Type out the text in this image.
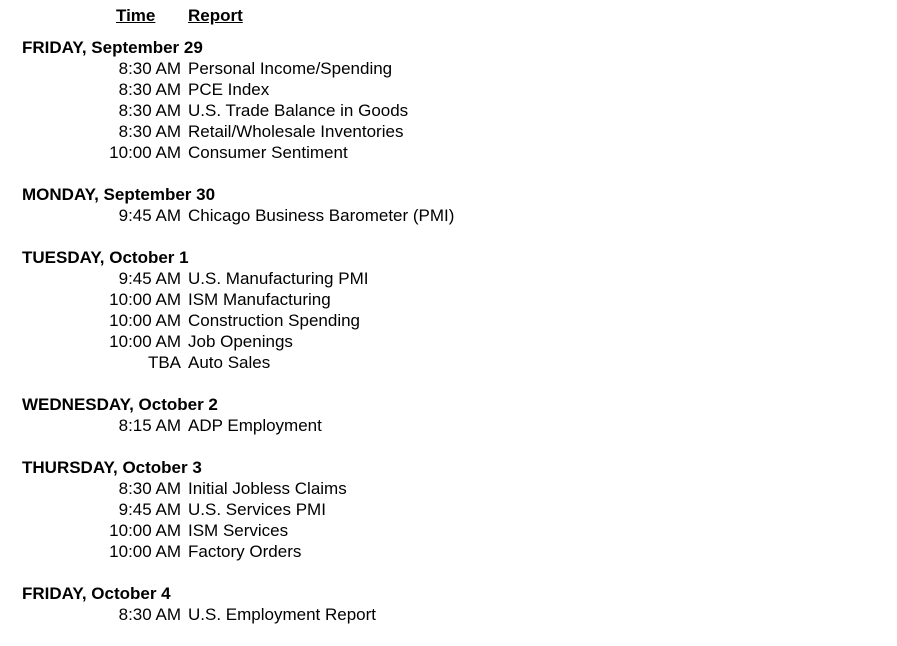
Time	Report
FRIDAY, September 29
8:30 AM Personal Income/Spending
8:30 AM PCE Index
8:30 AM U.S. Trade Balance in Goods
8:30 AM Retail/Wholesale Inventories
10:00 AM Consumer Sentiment
MONDAY, September 30
9:45 AM Chicago Business Barometer (PMI)
TUESDAY, October 1
9:45 AM U.S. Manufacturing PMI
10:00 AM ISM Manufacturing
10:00 AM Construction Spending
10:00 AM Job Openings
TBA Auto Sales
WEDNESDAY, October 2
8:15 AM ADP Employment
THURSDAY, October 3
8:30 AM Initial Jobless Claims
9:45 AM U.S. Services PMI
10:00 AM ISM Services
10:00 AM Factory Orders
FRIDAY, October 4
8:30 AM U.S. Employment Report
